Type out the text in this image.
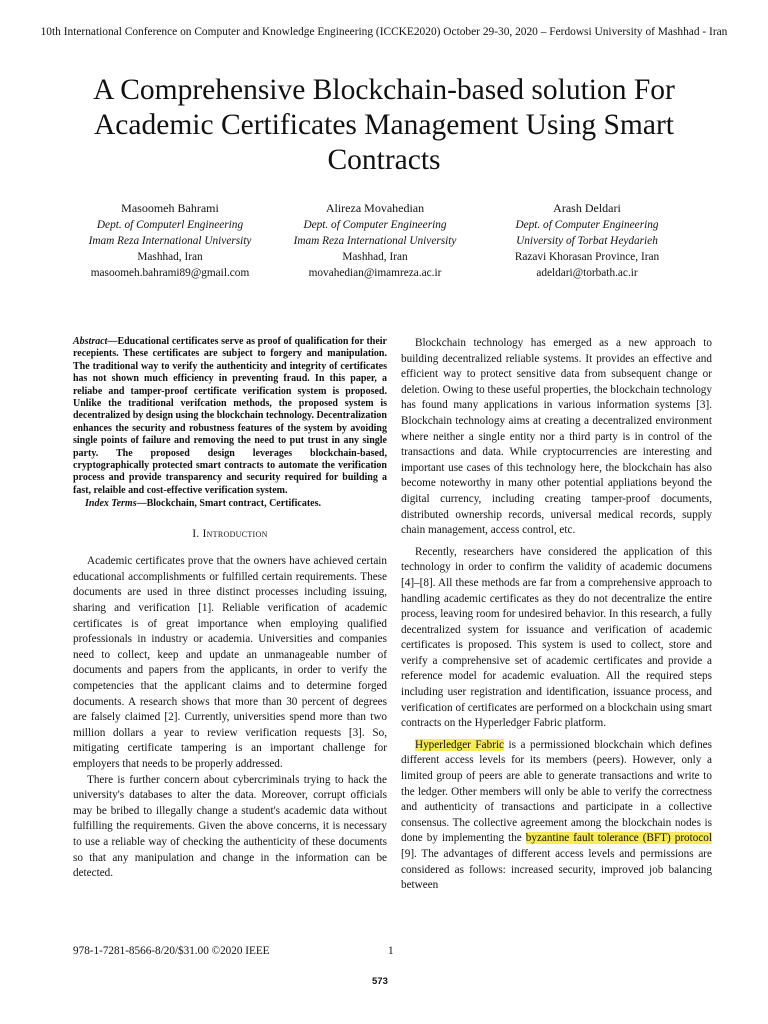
10th International Conference on Computer and Knowledge Engineering (ICCKE2020) October 29-30, 2020 – Ferdowsi University of Mashhad - Iran
A Comprehensive Blockchain-based solution For Academic Certificates Management Using Smart Contracts
Masoomeh Bahrami
Dept. of Computerl Engineering
Imam Reza International University
Mashhad, Iran
masoomeh.bahrami89@gmail.com
Alireza Movahedian
Dept. of Computer Engineering
Imam Reza International University
Mashhad, Iran
movahedian@imamreza.ac.ir
Arash Deldari
Dept. of Computer Engineering
University of Torbat Heydarieh
Razavi Khorasan Province, Iran
adeldari@torbath.ac.ir

Abstract—Educational certificates serve as proof of qualification for their recepients. These certificates are subject to forgery and manipulation. The traditional way to verify the authenticity and integrity of certificates has not shown much efficiency in preventing fraud. In this paper, a reliabe and tamper-proof certificate verification system is proposed. Unlike the traditional verifcation methods, the proposed system is decentralized by design using the blockchain technology. Decentralization enhances the security and robustness features of the system by avoiding single points of failure and removing the need to put trust in any single party. The proposed design leverages blockchain-based, cryptographically protected smart contracts to automate the verification process and provide transparency and security required for building a fast, relaible and cost-effective verification system.

Index Terms—Blockchain, Smart contract, Certificates.

I. Introduction

Academic certificates prove that the owners have achieved certain educational accomplishments or fulfilled certain requirements. These documents are used in three distinct processes including issuing, sharing and verification [1]. Reliable verification of academic certificates is of great importance when employing qualified professionals in industry or academia. Universities and companies need to collect, keep and update an unmanageable number of documents and papers from the applicants, in order to verify the competencies that the applicant claims and to determine forged documents. A research shows that more than 30 percent of degrees are falsely claimed [2]. Currently, universities spend more than two million dollars a year to review verification requests [3]. So, mitigating certificate tampering is an important challenge for employers that needs to be properly addressed.

There is further concern about cybercriminals trying to hack the university's databases to alter the data. Moreover, corrupt officials may be bribed to illegally change a student's academic data without fulfilling the requirements. Given the above concerns, it is necessary to use a reliable way of checking the authenticity of these documents so that any manipulation and change in the information can be detected.

Blockchain technology has emerged as a new approach to building decentralized reliable systems. It provides an effective and efficient way to protect sensitive data from subsequent change or deletion. Owing to these useful properties, the blockchain technology has found many applications in various information systems [3]. Blockchain technology aims at creating a decentralized environment where neither a single entity nor a third party is in control of the transactions and data. While cryptocurrencies are interesting and important use cases of this technology here, the blockchain has also become noteworthy in many other potential appliations beyond the digital currency, including creating tamper-proof documents, distributed ownership records, universal medical records, supply chain management, access control, etc.

Recently, researchers have considered the application of this technology in order to confirm the validity of academic documens [4]–[8]. All these methods are far from a comprehensive approach to handling academic certificates as they do not decentralize the entire process, leaving room for undesired behavior. In this research, a fully decentralized system for issuance and verification of academic certificates is proposed. This system is used to collect, store and verify a comprehensive set of academic certificates and provide a reference model for academic evaluation. All the required steps including user registration and identification, issuance process, and verification of certificates are performed on a blockchain using smart contracts on the Hyperledger Fabric platform.

Hyperledger Fabric is a permissioned blockchain which defines different access levels for its members (peers). However, only a limited group of peers are able to generate transactions and write to the ledger. Other members will only be able to verify the correctness and authenticity of transactions and participate in a collective consensus. The collective agreement among the blockchain nodes is done by implementing the byzantine fault tolerance (BFT) protocol [9]. The advantages of different access levels and permissions are considered as follows: increased security, improved job balancing between

978-1-7281-8566-8/20/$31.00 ©2020 IEEE	1
573
